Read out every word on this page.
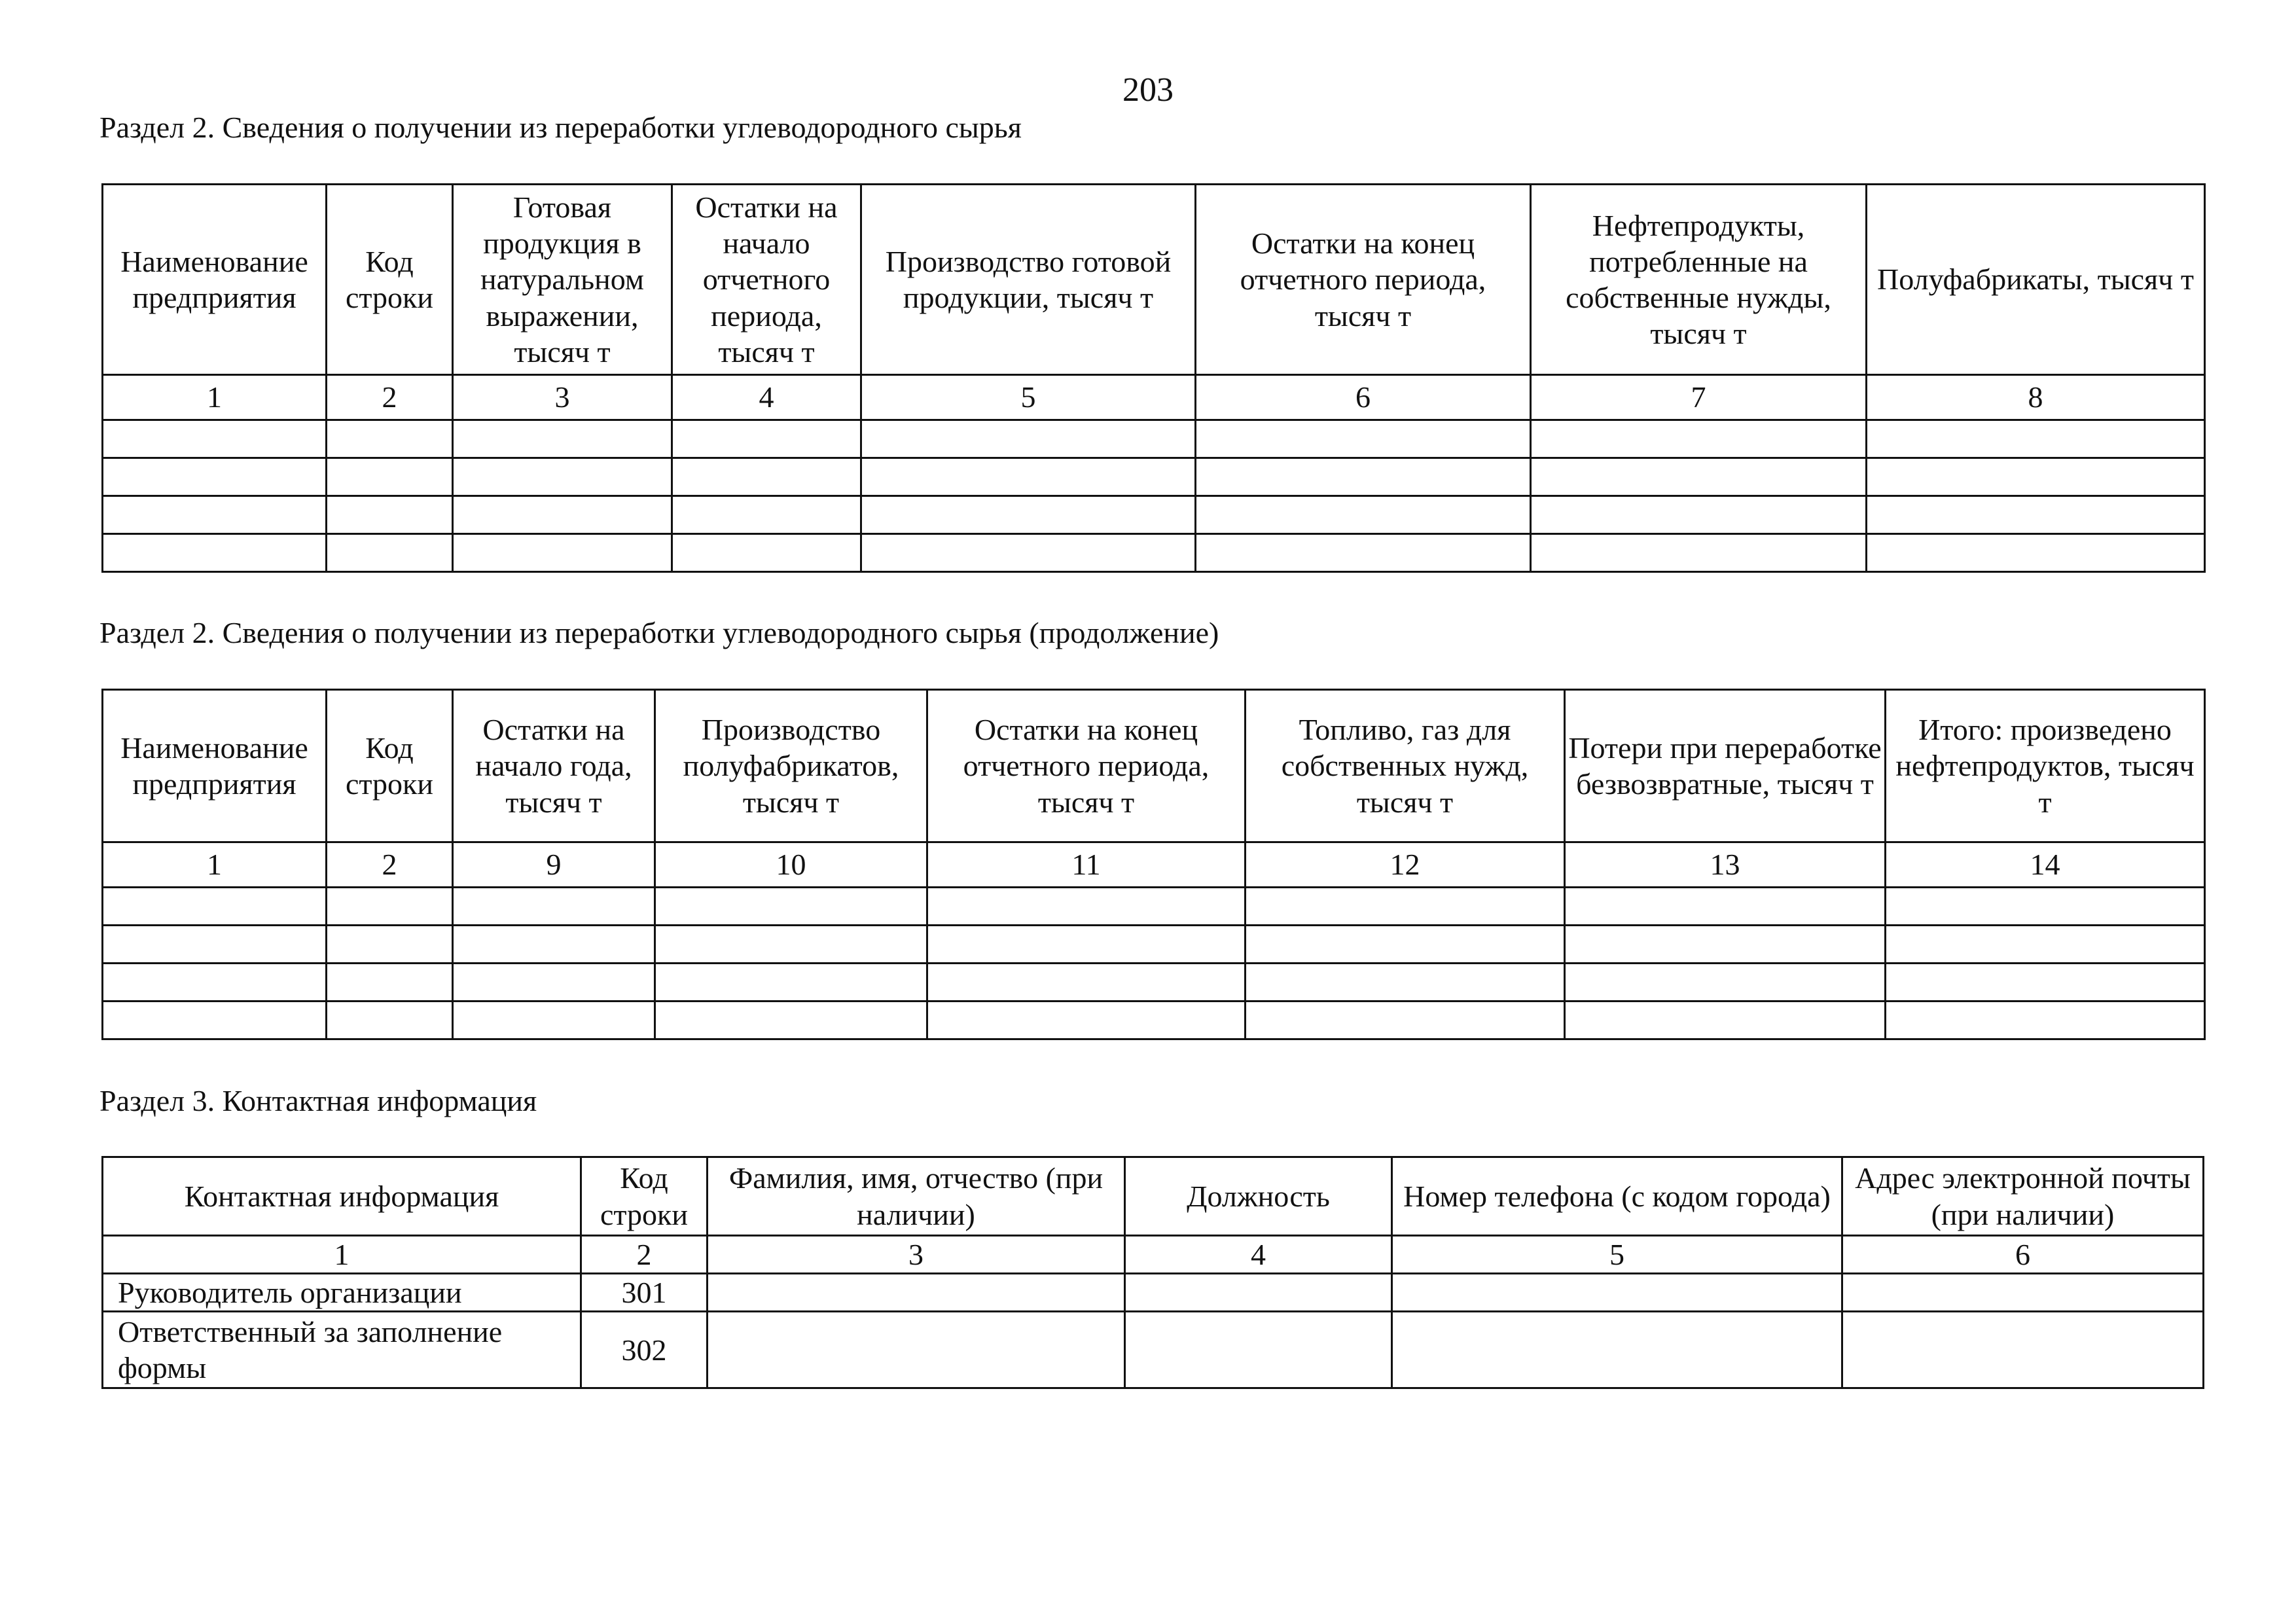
203
Раздел 2. Сведения о получении из переработки углеводородного сырья
Наименование предприятия	Код строки	Готовая продукция в натуральном выражении, тысяч т	Остатки на начало отчетного периода, тысяч т	Производство готовой продукции, тысяч т	Остатки на конец отчетного периода, тысяч т	Нефтепродукты, потребленные на собственные нужды, тысяч т	Полуфабрикаты, тысяч т
1	2	3	4	5	6	7	8

Раздел 2. Сведения о получении из переработки углеводородного сырья (продолжение)
Наименование предприятия	Код строки	Остатки на начало года, тысяч т	Производство полуфабрикатов, тысяч т	Остатки на конец отчетного периода, тысяч т	Топливо, газ для собственных нужд, тысяч т	Потери при переработке безвозвратные, тысяч т	Итого: произведено нефтепродуктов, тысяч т
1	2	9	10	11	12	13	14

Раздел 3. Контактная информация
Контактная информация	Код строки	Фамилия, имя, отчество (при наличии)	Должность	Номер телефона (с кодом города)	Адрес электронной почты (при наличии)
1	2	3	4	5	6
Руководитель организации	301				
Ответственный за заполнение формы	302				
